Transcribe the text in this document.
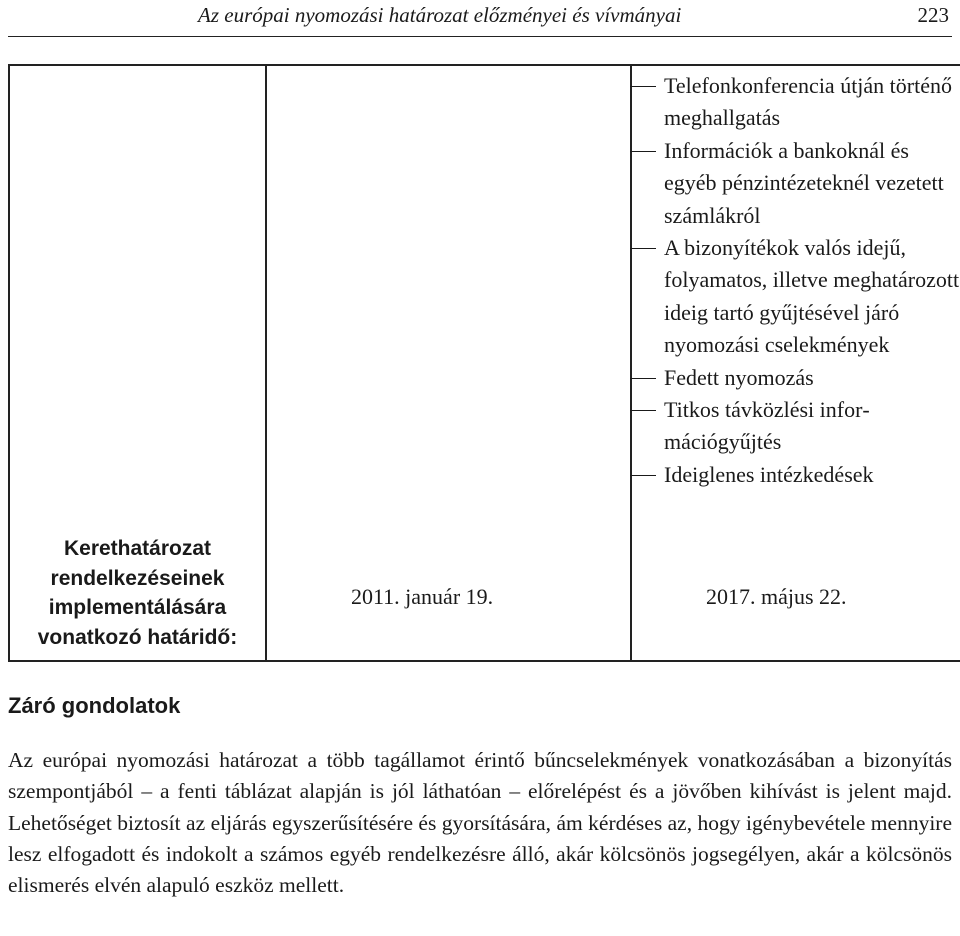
Az európai nyomozási határozat előzményei és vívmányai	223
Telefonkonferencia útján történő meghallgatás
Információk a bankoknál és egyéb pénzintézeteknél vezetett számlákról
A bizonyítékok valós idejű, folyamatos, illetve meghatározott ideig tartó gyűjtésével járó nyomozási cselekmények
Fedett nyomozás
Titkos távközlési információgyűjtés
Ideiglenes intézkedések
Kerethatározat rendelkezéseinek implementálására vonatkozó határidő:
2011. január 19.	2017. május 22.
Záró gondolatok

Az európai nyomozási határozat a több tagállamot érintő bűncselekmények vonatkozásában a bizonyítás szempontjából – a fenti táblázat alapján is jól láthatóan – előrelépést és a jövőben kihívást is jelent majd. Lehetőséget biztosít az eljárás egyszerűsítésére és gyorsítására, ám kérdéses az, hogy igénybevétele mennyire lesz elfogadott és indokolt a számos egyéb rendelkezésre álló, akár kölcsönös jogsegélyen, akár a kölcsönös elismerés elvén alapuló eszköz mellett.
